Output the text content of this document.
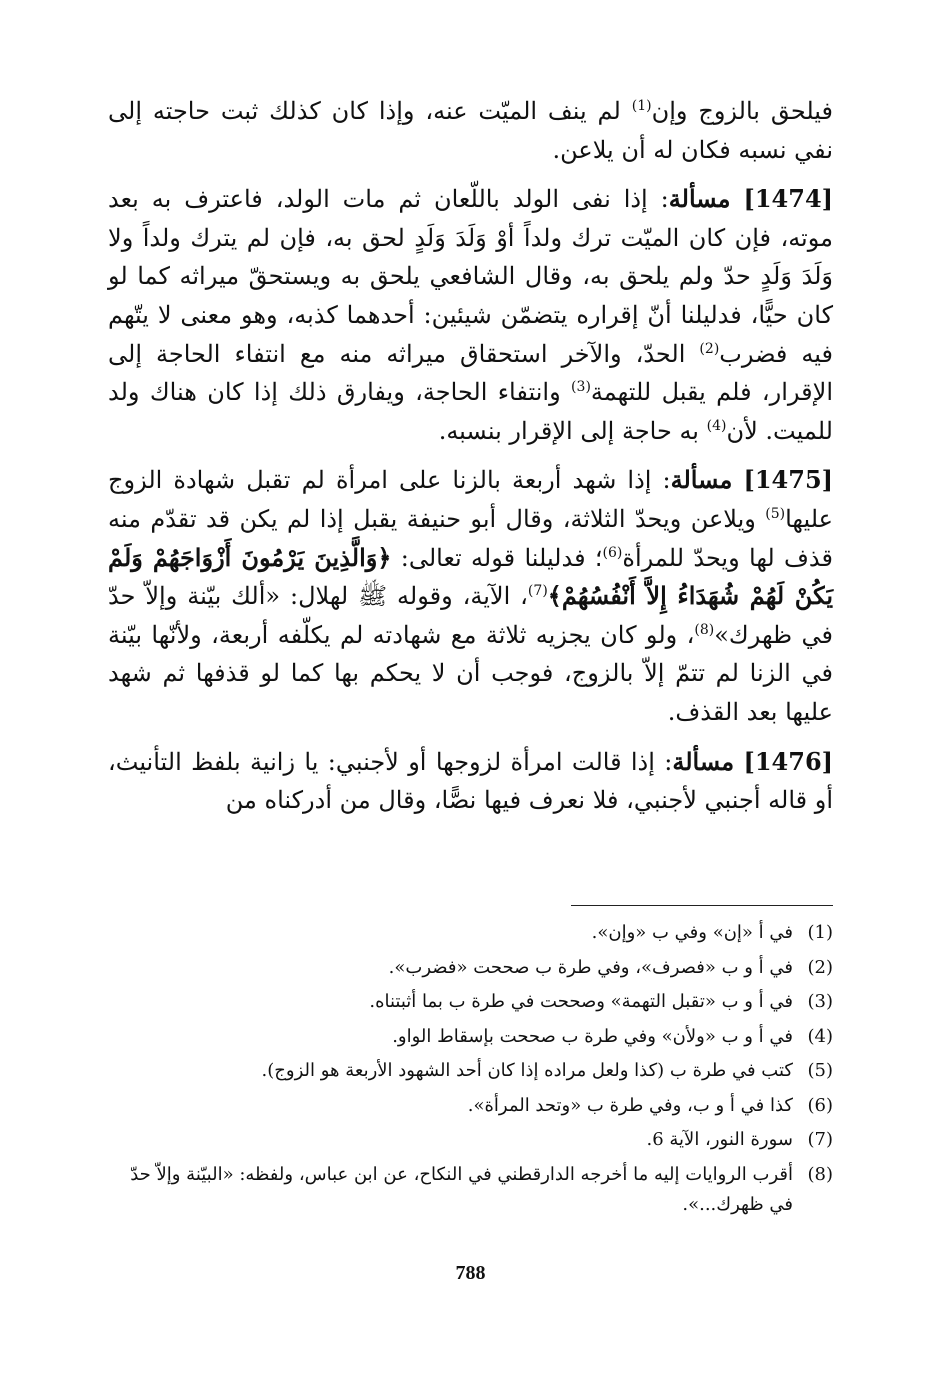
فيلحق بالزوج وإن$^{(1)}$ لم ينف الميّت عنه، وإذا كان كذلك ثبت حاجته إلى نفي نسبه فكان له أن يلاعن.

[1474] مسألة: إذا نفى الولد باللّعان ثم مات الولد، فاعترف به بعد موته، فإن كان الميّت ترك ولداً أوْ وَلَدَ وَلَدٍ لحق به، فإن لم يترك ولداً ولا وَلَدَ وَلَدٍ حدّ ولم يلحق به، وقال الشافعي يلحق به ويستحقّ ميراثه كما لو كان حيًّا، فدليلنا أنّ إقراره يتضمّن شيئين: أحدهما كذبه، وهو معنى لا يتّهم فيه فضرب$^{(2)}$ الحدّ، والآخر استحقاق ميراثه منه مع انتفاء الحاجة إلى الإقرار، فلم يقبل للتهمة$^{(3)}$ وانتفاء الحاجة، ويفارق ذلك إذا كان هناك ولد للميت. لأن$^{(4)}$ به حاجة إلى الإقرار بنسبه.

[1475] مسألة: إذا شهد أربعة بالزنا على امرأة لم تقبل شهادة الزوج عليها$^{(5)}$ ويلاعن ويحدّ الثلاثة، وقال أبو حنيفة يقبل إذا لم يكن قد تقدّم منه قذف لها ويحدّ للمرأة$^{(6)}$؛ فدليلنا قوله تعالى: ﴿وَالَّذِينَ يَرْمُونَ أَزْوَاجَهُمْ وَلَمْ يَكُنْ لَهُمْ شُهَدَاءُ إِلاَّ أَنْفُسُهُمْ﴾$^{(7)}$، الآية، وقوله ﷺ لهلال: «ألك بيّنة وإلاّ حدّ في ظهرك»$^{(8)}$، ولو كان يجزيه ثلاثة مع شهادته لم يكلّفه أربعة، ولأنّها بيّنة في الزنا لم تتمّ إلاّ بالزوج، فوجب أن لا يحكم بها كما لو قذفها ثم شهد عليها بعد القذف.

[1476] مسألة: إذا قالت امرأة لزوجها أو لأجنبي: يا زانية بلفظ التأنيث، أو قاله أجنبي لأجنبي، فلا نعرف فيها نصًّا، وقال من أدركناه من

(1)
في أ «إن» وفي ب «وإن».
(2)
في أ و ب «فصرف»، وفي طرة ب صححت «فضرب».
(3)
في أ و ب «تقبل التهمة» وصححت في طرة ب بما أثبتناه.
(4)
في أ و ب «ولأن» وفي طرة ب صححت بإسقاط الواو.
(5)
كتب في طرة ب (كذا ولعل مراده إذا كان أحد الشهود الأربعة هو الزوج).
(6)
كذا في أ و ب، وفي طرة ب «وتحد المرأة».
(7)
سورة النور، الآية 6.
(8)
أقرب الروايات إليه ما أخرجه الدارقطني في النكاح، عن ابن عباس، ولفظه: «البيّنة وإلاّ حدّ في ظهرك...».
788
